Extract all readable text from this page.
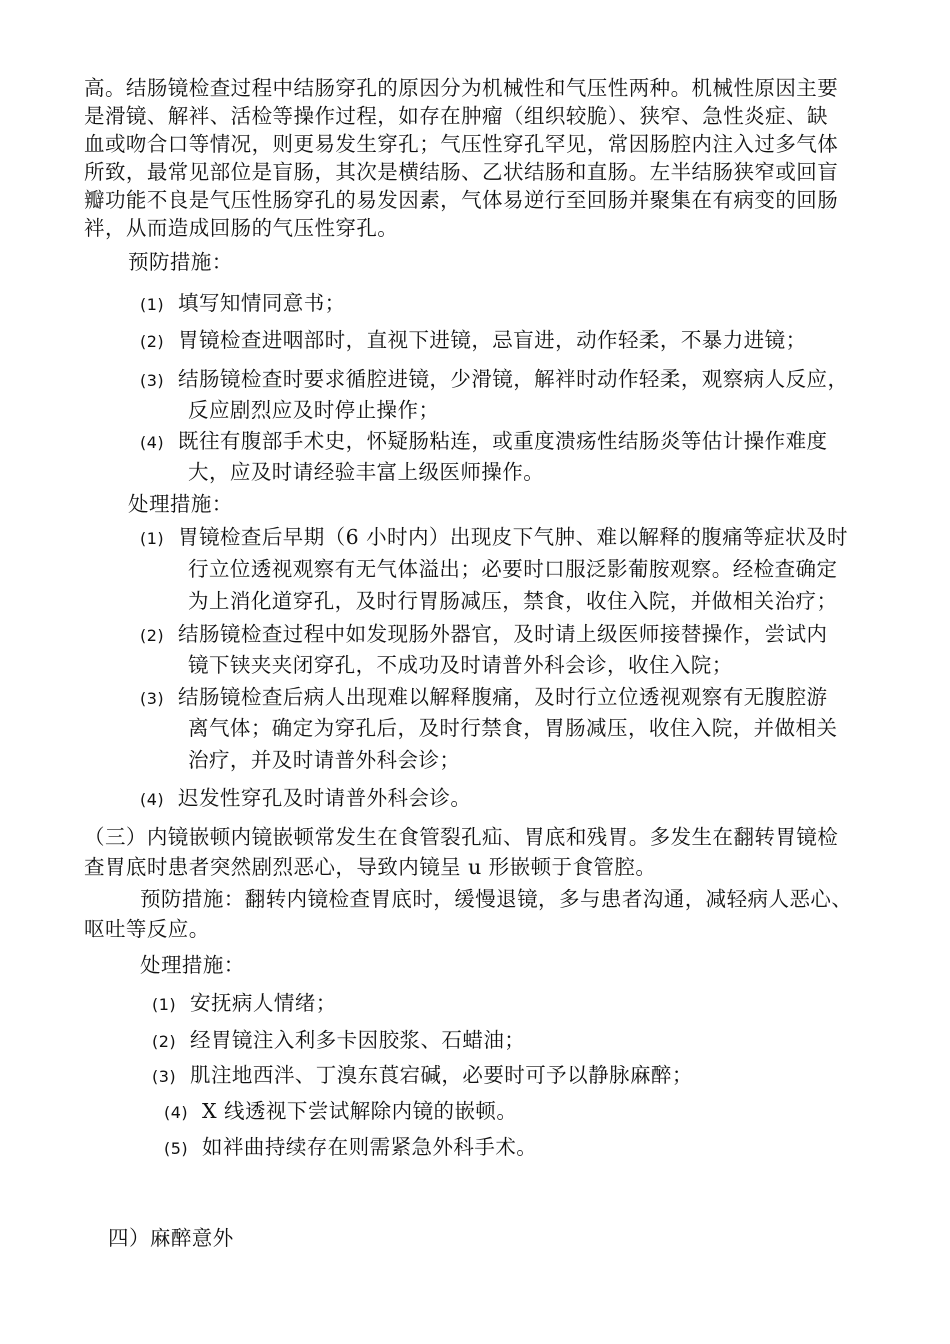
高。结肠镜检查过程中结肠穿孔的原因分为机械性和气压性两种。机械性原因主要
是滑镜、解袢、活检等操作过程，如存在肿瘤（组织较脆）、狭窄、急性炎症、缺
血或吻合口等情况，则更易发生穿孔；气压性穿孔罕见，常因肠腔内注入过多气体
所致，最常见部位是盲肠，其次是横结肠、乙状结肠和直肠。左半结肠狭窄或回盲
瓣功能不良是气压性肠穿孔的易发因素，气体易逆行至回肠并聚集在有病变的回肠
袢，从而造成回肠的气压性穿孔。
预防措施：
(1) 填写知情同意书；
(2) 胃镜检查进咽部时，直视下进镜，忌盲进，动作轻柔，不暴力进镜；
(3) 结肠镜检查时要求循腔进镜，少滑镜，解袢时动作轻柔，观察病人反应，
反应剧烈应及时停止操作；
(4) 既往有腹部手术史，怀疑肠粘连，或重度溃疡性结肠炎等估计操作难度
大，应及时请经验丰富上级医师操作。
处理措施：
(1) 胃镜检查后早期（6 小时内）出现皮下气肿、难以解释的腹痛等症状及时
行立位透视观察有无气体溢出；必要时口服泛影葡胺观察。经检查确定
为上消化道穿孔，及时行胃肠减压，禁食，收住入院，并做相关治疗；
(2) 结肠镜检查过程中如发现肠外器官，及时请上级医师接替操作，尝试内
镜下铗夹夹闭穿孔，不成功及时请普外科会诊，收住入院；
(3) 结肠镜检查后病人出现难以解释腹痛，及时行立位透视观察有无腹腔游
离气体；确定为穿孔后，及时行禁食，胃肠减压，收住入院，并做相关
治疗，并及时请普外科会诊；
(4) 迟发性穿孔及时请普外科会诊。
（三）内镜嵌顿内镜嵌顿常发生在食管裂孔疝、胃底和残胃。多发生在翻转胃镜检
查胃底时患者突然剧烈恶心，导致内镜呈 u 形嵌顿于食管腔。
预防措施：翻转内镜检查胃底时，缓慢退镜，多与患者沟通，减轻病人恶心、
呕吐等反应。
处理措施：
(1) 安抚病人情绪；
(2) 经胃镜注入利多卡因胶浆、石蜡油；
(3) 肌注地西泮、丁溴东莨宕碱，必要时可予以静脉麻醉；
(4) X 线透视下尝试解除内镜的嵌顿。
(5) 如袢曲持续存在则需紧急外科手术。
四）麻醉意外
